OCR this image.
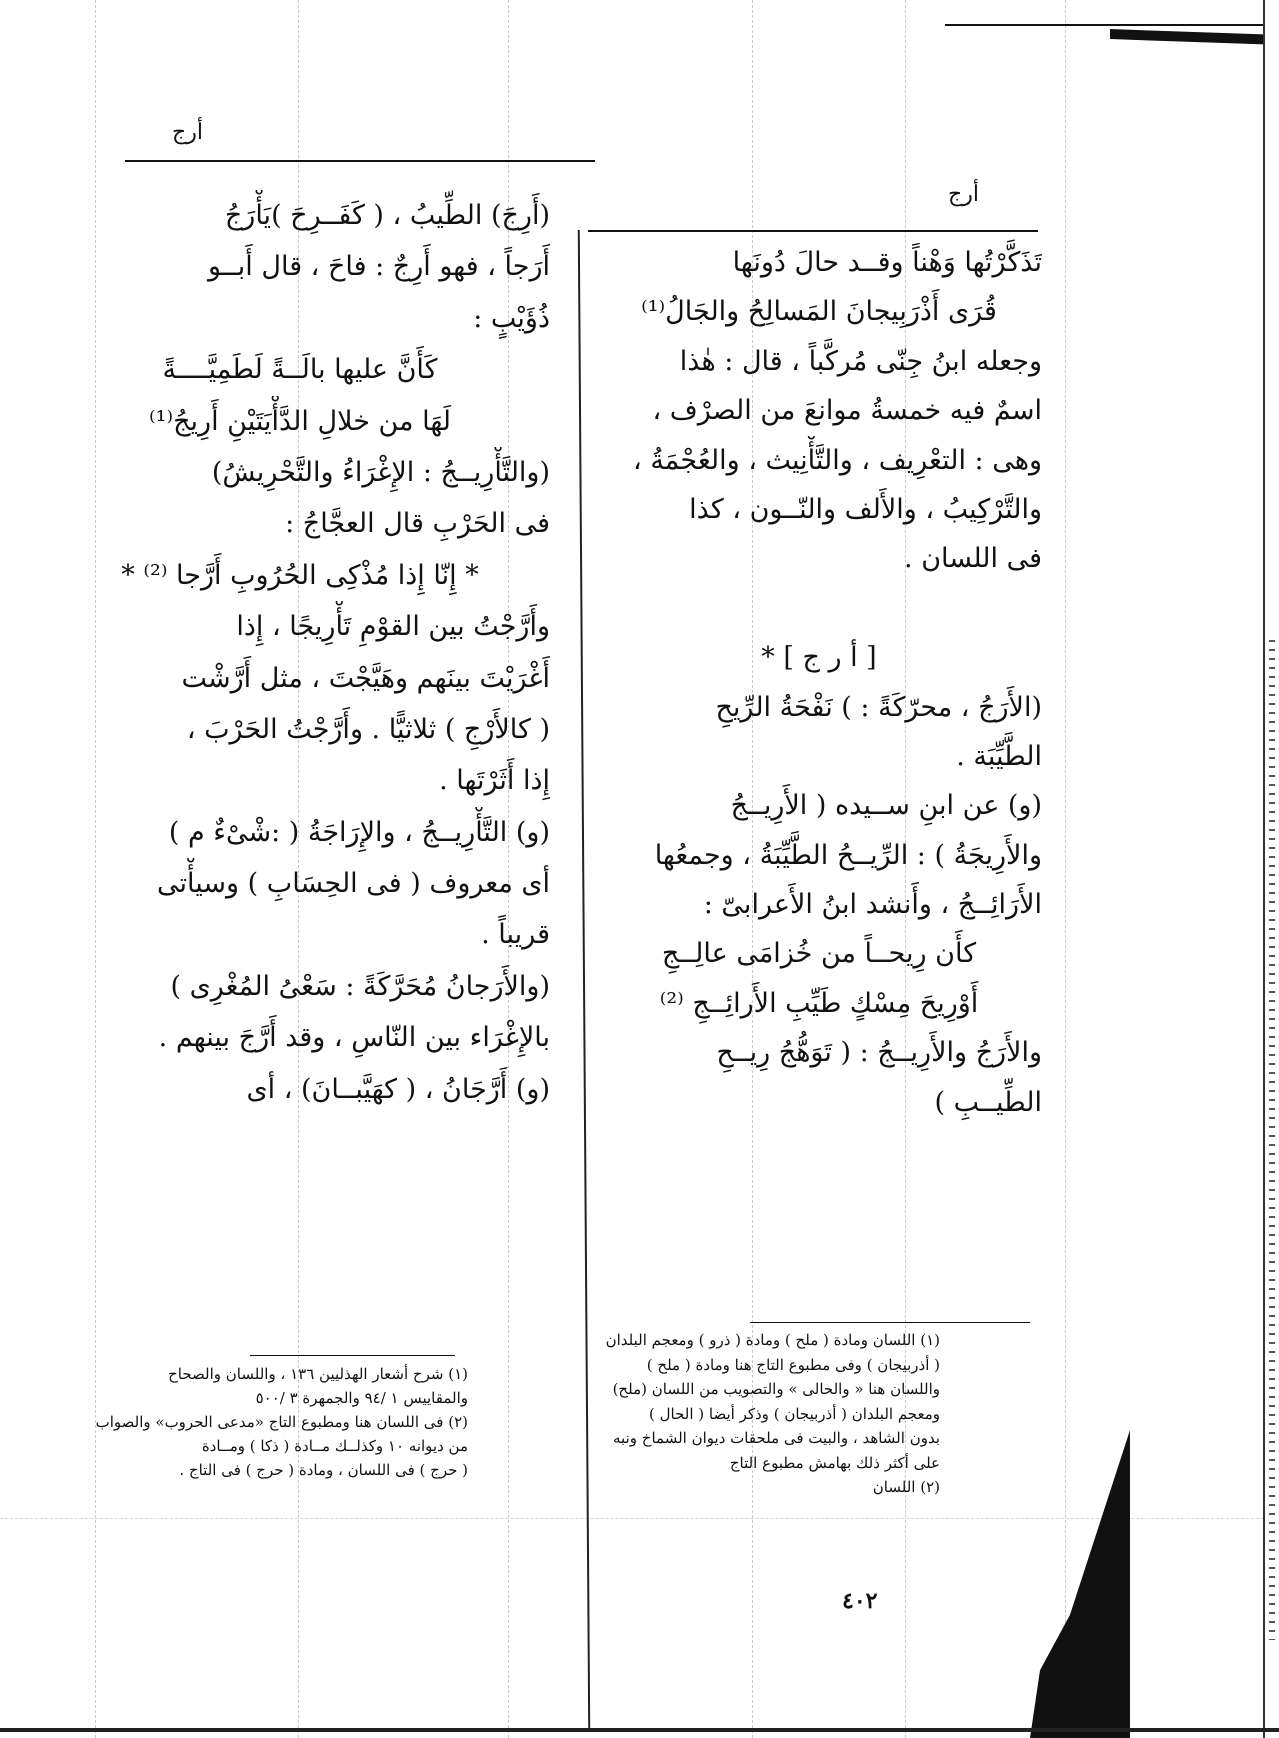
أرج
أرج
تَذَكَّرْتُها وَهْناً وقــد حالَ دُونَها
قُرَى أَذْرَبِيجانَ المَسالِحُ والجَالُ⁽¹⁾
وجعله ابنُ جِنّى مُركَّباً ، قال : هٰذا
اسمٌ فيه خمسةُ موانعَ من الصرْف ،
وهى : التعْرِيف ، والتَّأْنِيث ، والعُجْمَةُ ،
والتَّرْكِيبُ ، والأَلف والنّــون ، كذا
فى اللسان .
[ أ ر ج ] *
(الأَرَجُ ، محرّكَةً : ) نَفْحَةُ الرِّيحِ
الطَّيِّبَة .
(و) عن ابنِ ســيده ( الأَرِيــجُ
والأَرِيجَةُ ) : الرِّيــحُ الطَّيِّبَةُ ، وجمعُها
الأَرَائِــجُ ، وأَنشد ابنُ الأَعرابىّ :
كأَن رِيحــاً من خُزامَى عالِــجِ
أَوْرِيحَ مِسْكٍ طَيِّبِ الأَرائِــجِ ⁽²⁾
والأَرَجُ والأَرِيــجُ : ( تَوَهُّجُ رِيــحِ
الطِّيــبِ )
(أَرِجَ) الطِّيبُ ، ( كَفَــرِحَ )يَأْرَجُ
أَرَجاً ، فهو أَرِجٌ : فاحَ ، قال أَبــو
ذُؤَيْبٍ :
كَأَنَّ عليها بالَــةً لَطَمِيَّــــةً
لَهَا من خلالِ الدَّأْيَتَيْنِ أَرِيجُ⁽¹⁾
(والتَّأْرِيــجُ : الإِغْرَاءُ والتَّحْرِيشُ)
فى الحَرْبِ قال العجَّاجُ :
* إِنّا إِذا مُذْكِى الحُرُوبِ أَرَّجا ⁽²⁾ *
وأَرَّجْتُ بين القوْمِ تَأْرِيجًا ، إِذا
أَغْرَيْتَ بينَهم وهَيَّجْتَ ، مثل أَرَّشْت
( كالأَرْجِ ) ثلاثيًّا . وأَرَّجْتُ الحَرْبَ ،
إِذا أَثَرْتَها .
(و) التَّأْرِيــجُ ، والإِرَاجَةُ ( :شْىْءٌ م )
أى معروف ( فى الحِسَابِ ) وسيأْتى
قريباً .
(والأَرَجانُ مُحَرَّكَةً : سَعْىُ المُغْرِى )
بالإِغْرَاء بين النّاسِ ، وقد أَرَّجَ بينهم .
(و) أَرَّجَانُ ، ( كهَيَّبــانَ) ، أى
(١) اللسان ومادة ( ملح ) ومادة ( ذرو ) ومعجم البلدان
( أذربيجان ) وفى مطبوع التاج هنا ومادة ( ملح )
واللسان هنا « والحالى » والتصويب من اللسان (ملح)
ومعجم البلدان ( أذربيجان ) وذكر أيضا ( الحال )
بدون الشاهد ، والبيت فى ملحقات ديوان الشماخ ونبه
على أكثر ذلك بهامش مطبوع التاج
(٢) اللسان
(١) شرح أشعار الهذليين ١٣٦ ، واللسان والصحاح
والمقاييس ١ /٩٤ والجمهرة ٣ /٥٠٠
(٢) فى اللسان هنا ومطبوع التاج «مدعى الحروب» والصواب
من ديوانه ١٠ وكذلــك مــادة ( ذكا ) ومــادة
( حرج ) فى اللسان ، ومادة ( حرج ) فى التاج .
٤٠٢
